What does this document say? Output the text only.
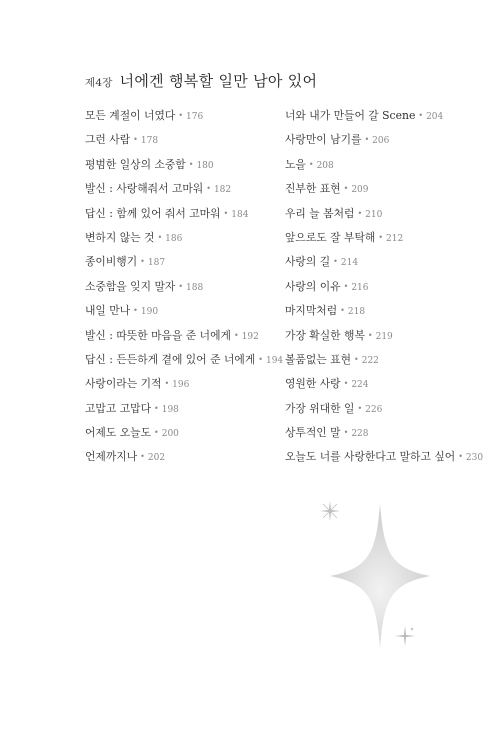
제4장 너에겐 행복할 일만 남아 있어
모든 계절이 너였다 • 176
그런 사람 • 178
평범한 일상의 소중함 • 180
발신 : 사랑해줘서 고마워 • 182
답신 : 함께 있어 줘서 고마워 • 184
변하지 않는 것 • 186
종이비행기 • 187
소중함을 잊지 말자 • 188
내일 만나 • 190
발신 : 따뜻한 마음을 준 너에게 • 192
답신 : 든든하게 곁에 있어 준 너에게 • 194
사랑이라는 기적 • 196
고맙고 고맙다 • 198
어제도 오늘도 • 200
언제까지나 • 202
너와 내가 만들어 갈 Scene • 204
사랑만이 남기를 • 206
노을 • 208
진부한 표현 • 209
우리 늘 봄처럼 • 210
앞으로도 잘 부탁해 • 212
사랑의 길 • 214
사랑의 이유 • 216
마지막처럼 • 218
가장 확실한 행복 • 219
볼품없는 표현 • 222
영원한 사랑 • 224
가장 위대한 일 • 226
상투적인 말 • 228
오늘도 너를 사랑한다고 말하고 싶어 • 230
